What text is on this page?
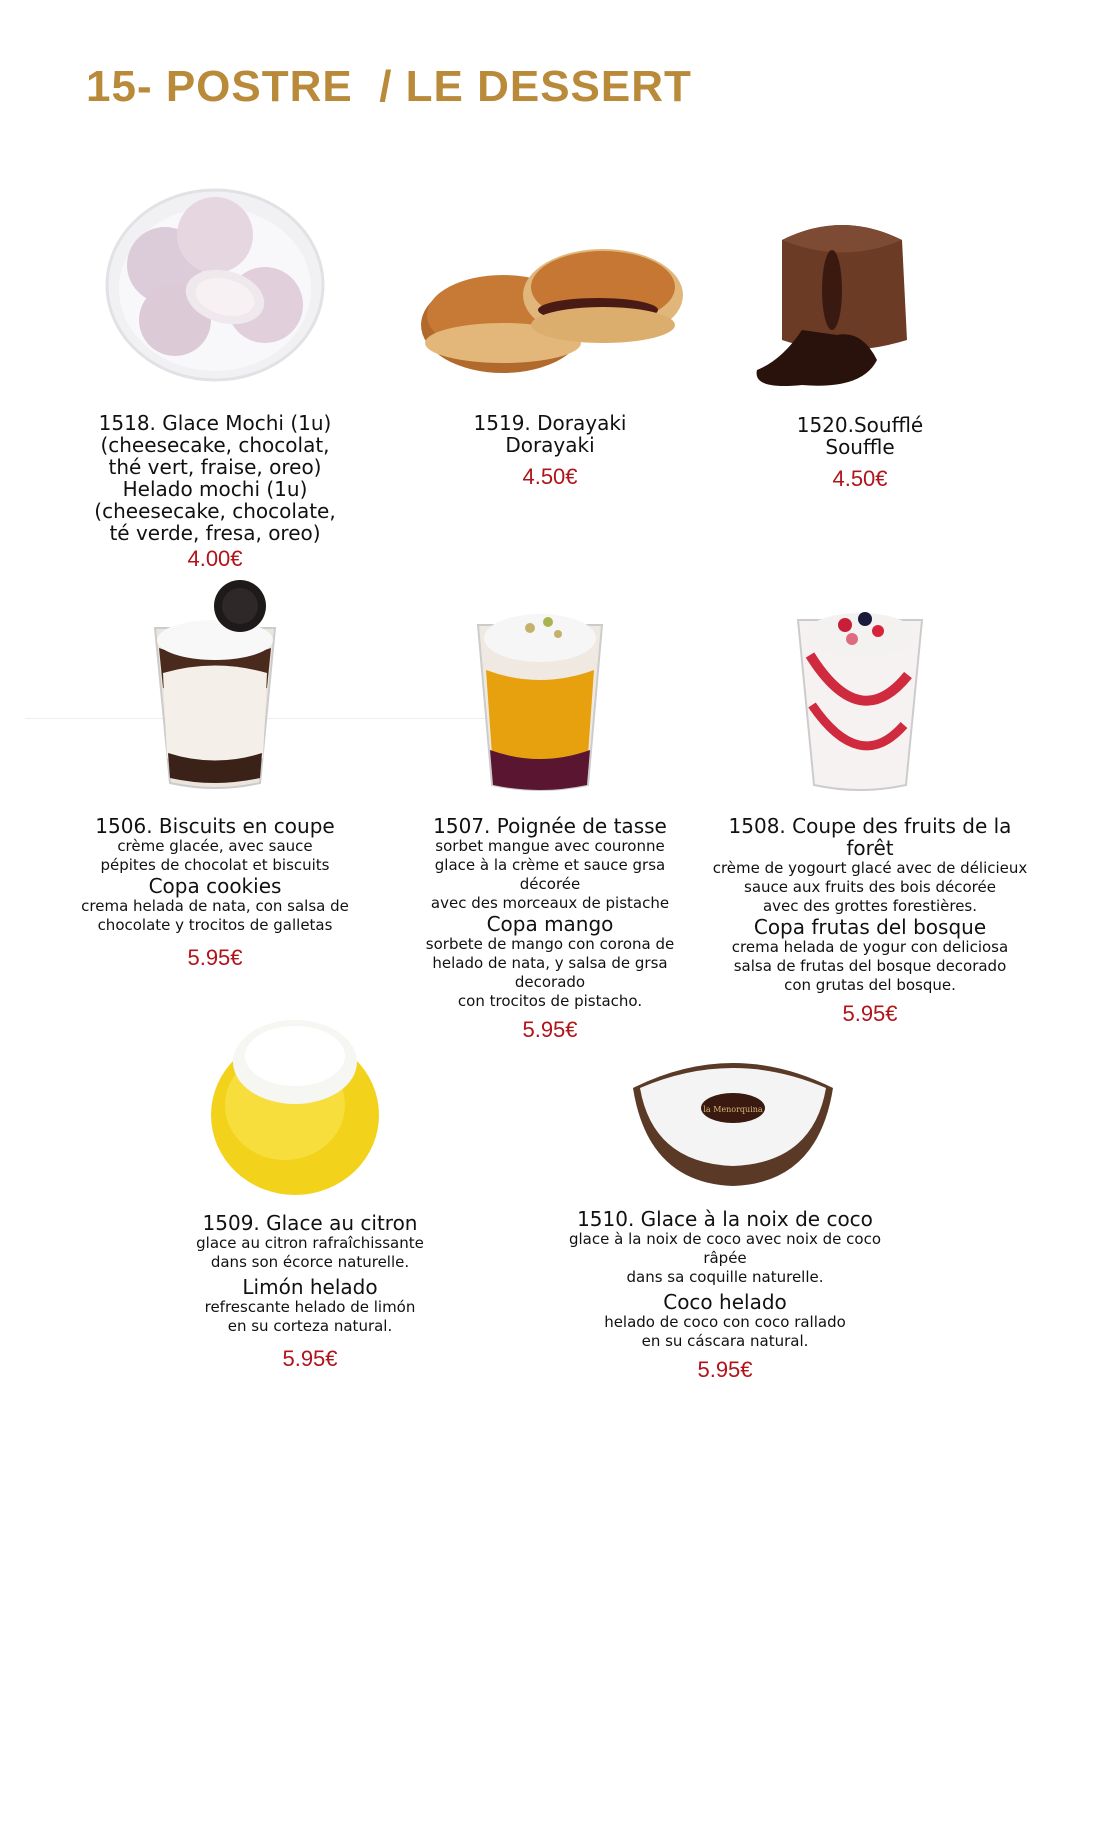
15- POSTRE  / LE DESSERT
1518. Glace Mochi (1u)
(cheesecake, chocolat,
thé vert, fraise, oreo)
Helado mochi (1u)
(cheesecake, chocolate,
té verde, fresa, oreo)
4.00€
1519. Dorayaki
Dorayaki
4.50€
1520.Soufflé
Souffle
4.50€
1506. Biscuits en coupe
crème glacée, avec sauce
pépites de chocolat et biscuits
Copa cookies
crema helada de nata, con salsa de
chocolate y trocitos de galletas
5.95€
1507. Poignée de tasse
sorbet mangue avec couronne
glace à la crème et sauce grsa décorée
avec des morceaux de pistache
Copa mango
sorbete de mango con corona de
helado de nata, y salsa de grsa decorado
con trocitos de pistacho.
5.95€
1508. Coupe des fruits de la forêt
crème de yogourt glacé avec de délicieux
sauce aux fruits des bois décorée
avec des grottes forestières.
Copa frutas del bosque
crema helada de yogur con deliciosa
salsa de frutas del bosque decorado
con grutas del bosque.
5.95€
la Menorquina
1509. Glace au citron
glace au citron rafraîchissante
dans son écorce naturelle.
Limón helado
refrescante helado de limón
en su corteza natural.
5.95€
1510. Glace à la noix de coco
glace à la noix de coco avec noix de coco râpée
dans sa coquille naturelle.
Coco helado
helado de coco con coco rallado
en su cáscara natural.
5.95€
